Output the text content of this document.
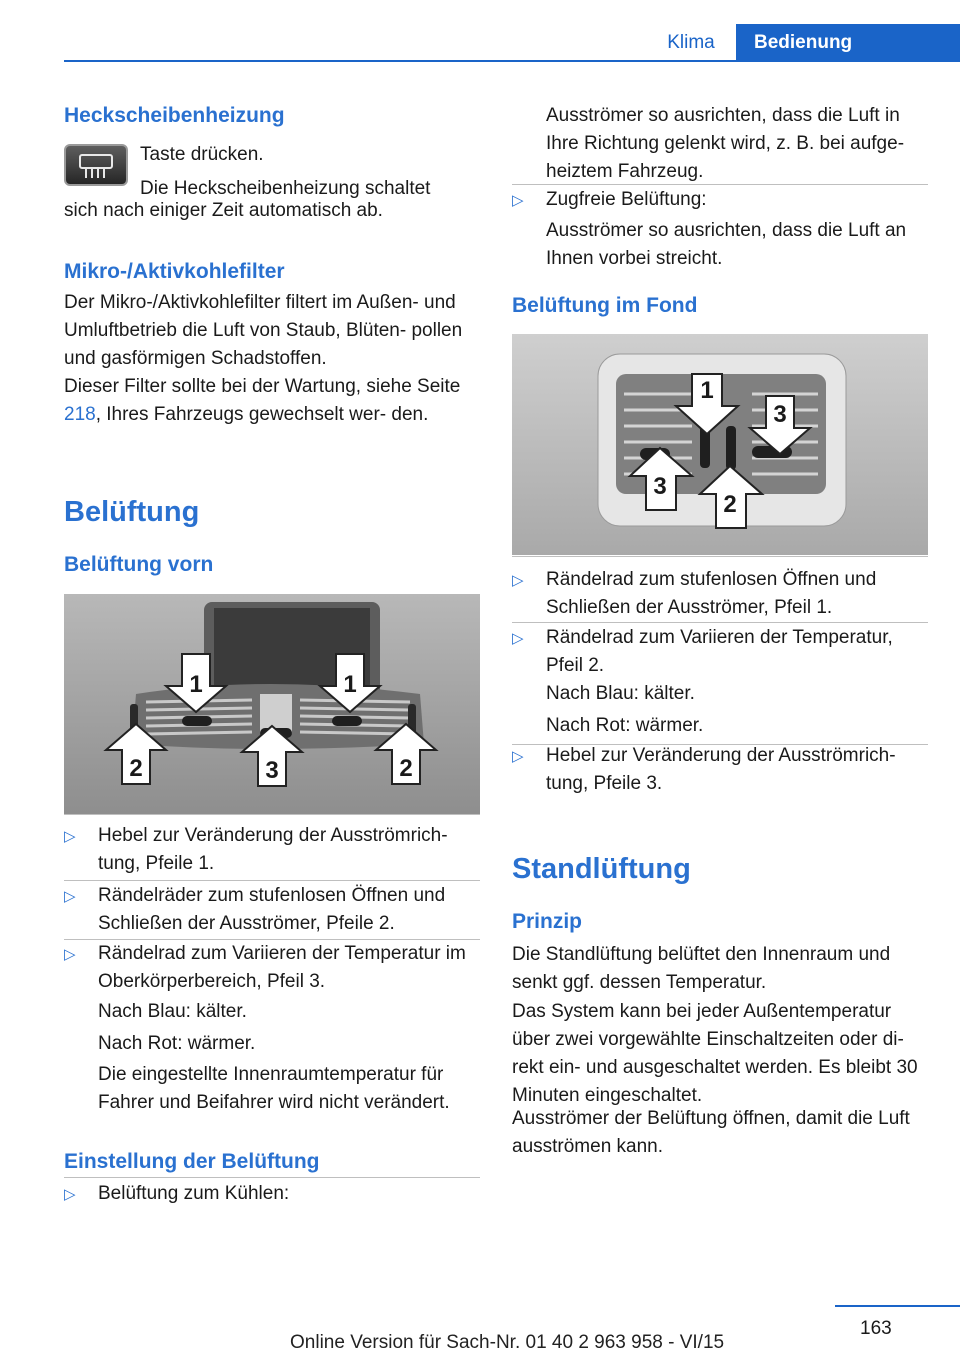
Klima	Bedienung
Heckscheibenheizung
Taste drücken.
Die Heckscheibenheizung schaltet
sich nach einiger Zeit automatisch ab.
Mikro-/Aktivkohlefilter
Der Mikro-/Aktivkohlefilter filtert im Außen- und Umluftbetrieb die Luft von Staub, Blüten- pollen und gasförmigen Schadstoffen.
Dieser Filter sollte bei der Wartung, siehe Seite 218, Ihres Fahrzeugs gewechselt wer- den.
Belüftung
Belüftung vorn
1	1
2	3	2
▷	Hebel zur Veränderung der Ausströmrich- tung, Pfeile 1.
▷	Rändelräder zum stufenlosen Öffnen und Schließen der Ausströmer, Pfeile 2.
▷	Rändelrad zum Variieren der Temperatur im Oberkörperbereich, Pfeil 3.
Nach Blau: kälter.
Nach Rot: wärmer.
Die eingestellte Innenraumtemperatur für Fahrer und Beifahrer wird nicht verändert.
Einstellung der Belüftung
▷	Belüftung zum Kühlen:
Ausströmer so ausrichten, dass die Luft in Ihre Richtung gelenkt wird, z. B. bei aufge- heiztem Fahrzeug.
▷	Zugfreie Belüftung:
Ausströmer so ausrichten, dass die Luft an Ihnen vorbei streicht.
Belüftung im Fond
1
3
3
2
▷	Rändelrad zum stufenlosen Öffnen und Schließen der Ausströmer, Pfeil 1.
▷	Rändelrad zum Variieren der Temperatur, Pfeil 2.
Nach Blau: kälter.
Nach Rot: wärmer.
▷	Hebel zur Veränderung der Ausströmrich- tung, Pfeile 3.
Standlüftung
Prinzip
Die Standlüftung belüftet den Innenraum und senkt ggf. dessen Temperatur.
Das System kann bei jeder Außentemperatur über zwei vorgewählte Einschaltzeiten oder di- rekt ein- und ausgeschaltet werden. Es bleibt 30 Minuten eingeschaltet.
Ausströmer der Belüftung öffnen, damit die Luft ausströmen kann.
163
Online Version für Sach-Nr. 01 40 2 963 958 - VI/15
